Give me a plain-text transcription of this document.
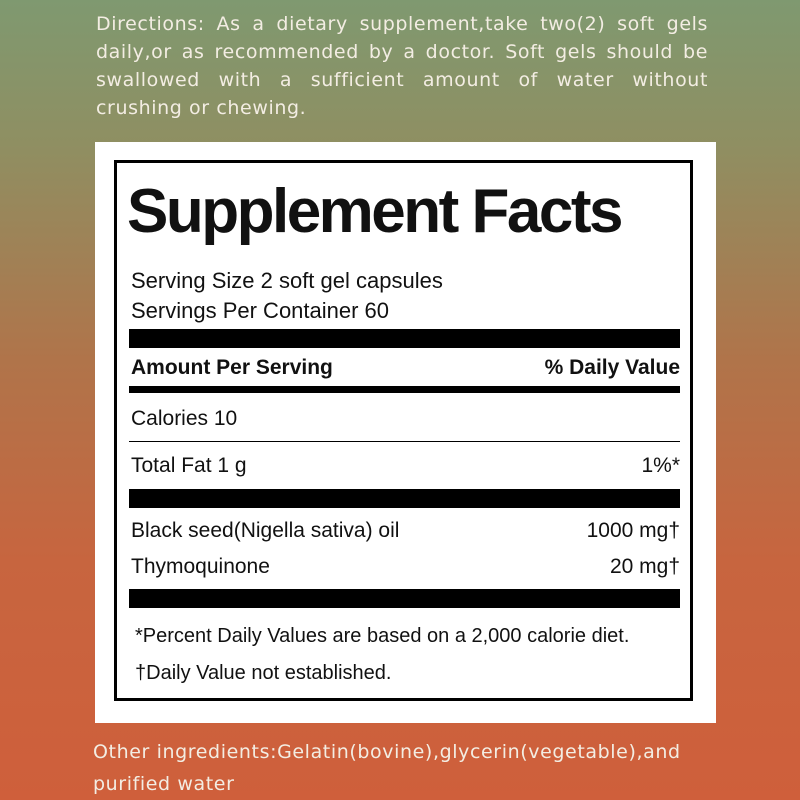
Directions: As a dietary supplement,take two(2) soft gels daily,or as recommended by a doctor. Soft gels should be swallowed with a sufficient amount of water without crushing or chewing.
Supplement Facts
Serving Size 2 soft gel capsules
Servings Per Container 60
Amount Per Serving	% Daily Value
Calories 10
Total Fat 1 g	1%*
Black seed(Nigella sativa) oil	1000 mg†
Thymoquinone	20 mg†
*Percent Daily Values are based on a 2,000 calorie diet.
†Daily Value not established.
Other ingredients:Gelatin(bovine),glycerin(vegetable),and purified water
